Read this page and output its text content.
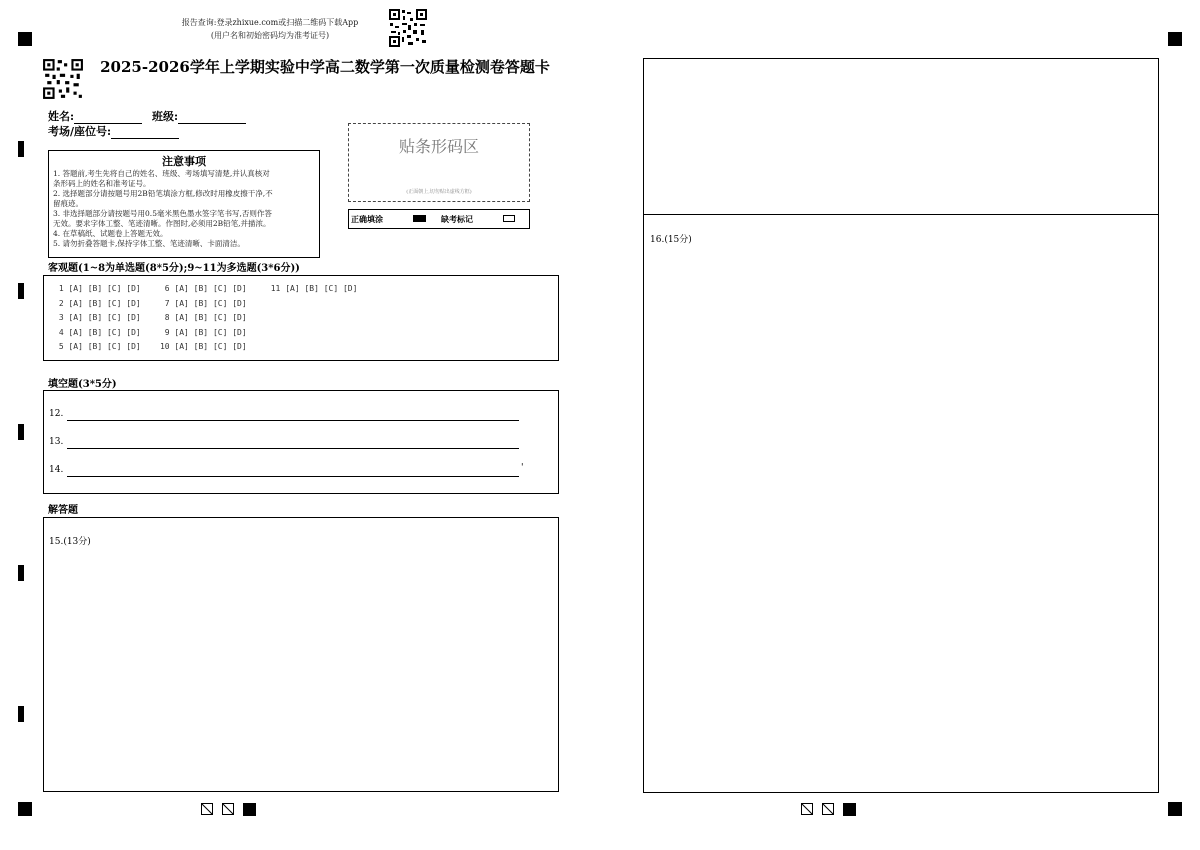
报告查询:登录zhixue.com或扫描二维码下载App
(用户名和初始密码均为准考证号)
2025-2026学年上学期实验中学高二数学第一次质量检测卷答题卡
姓名:	班级:
考场/座位号:
注意事项
1. 答题前,考生先将自己的姓名、班级、考场填写清楚,并认真核对
条形码上的姓名和准考证号。
2. 选择题部分请按题号用2B铅笔填涂方框,修改时用橡皮擦干净,不
留痕迹。
3. 非选择题部分请按题号用0.5毫米黑色墨水签字笔书写,否则作答
无效。要求字体工整、笔迹清晰。作图时,必须用2B铅笔,并描浓。
4. 在草稿纸、试题卷上答题无效。
5. 请勿折叠答题卡,保持字体工整、笔迹清晰、卡面清洁。
贴条形码区
(正面朝上,切勿贴出虚线方框)
正确填涂	缺考标记
客观题(1~8为单选题(8*5分);9~11为多选题(3*6分))
1 [A] [B] [C] [D]     6 [A] [B] [C] [D]     11 [A] [B] [C] [D]
2 [A] [B] [C] [D]     7 [A] [B] [C] [D]
3 [A] [B] [C] [D]     8 [A] [B] [C] [D]
4 [A] [B] [C] [D]     9 [A] [B] [C] [D]
5 [A] [B] [C] [D]    10 [A] [B] [C] [D]
填空题(3*5分)
12.
13.
14.	'
解答题
15.(13分)
16.(15分)
